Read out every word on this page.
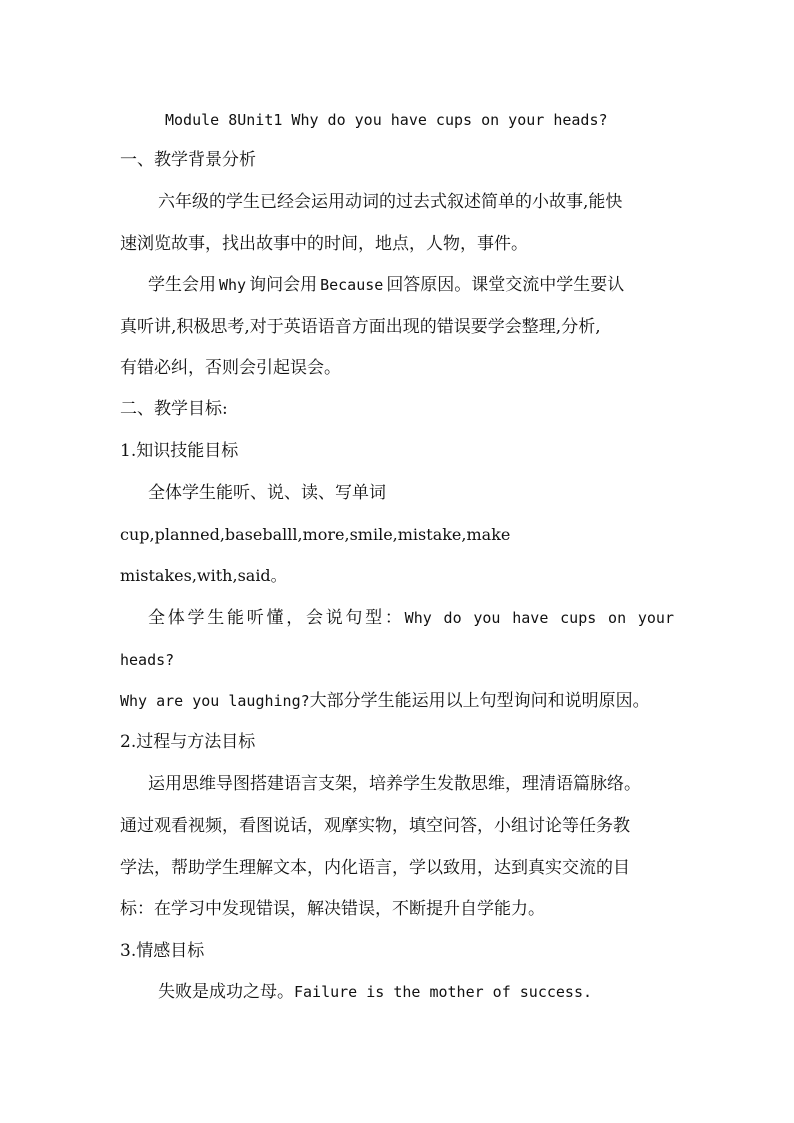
Module 8Unit1 Why do you have cups on your heads?

一、教学背景分析

六年级的学生已经会运用动词的过去式叙述简单的小故事,能快

速浏览故事，找出故事中的时间，地点，人物，事件。

学生会用 Why 询问会用 Because 回答原因。课堂交流中学生要认

真听讲,积极思考,对于英语语音方面出现的错误要学会整理,分析,

有错必纠，否则会引起误会。

二、教学目标:

1.知识技能目标

全体学生能听、说、读、写单词

cup,planned,baseballl,more,smile,mistake,make

mistakes,with,said。

全体学生能听懂，会说句型：Why do you have cups on your

heads?

Why are you laughing?大部分学生能运用以上句型询问和说明原因。

2.过程与方法目标

运用思维导图搭建语言支架，培养学生发散思维，理清语篇脉络。

通过观看视频，看图说话，观摩实物，填空问答，小组讨论等任务教

学法，帮助学生理解文本，内化语言，学以致用，达到真实交流的目

标：在学习中发现错误，解决错误，不断提升自学能力。

3.情感目标

失败是成功之母。Failure is the mother of success.
